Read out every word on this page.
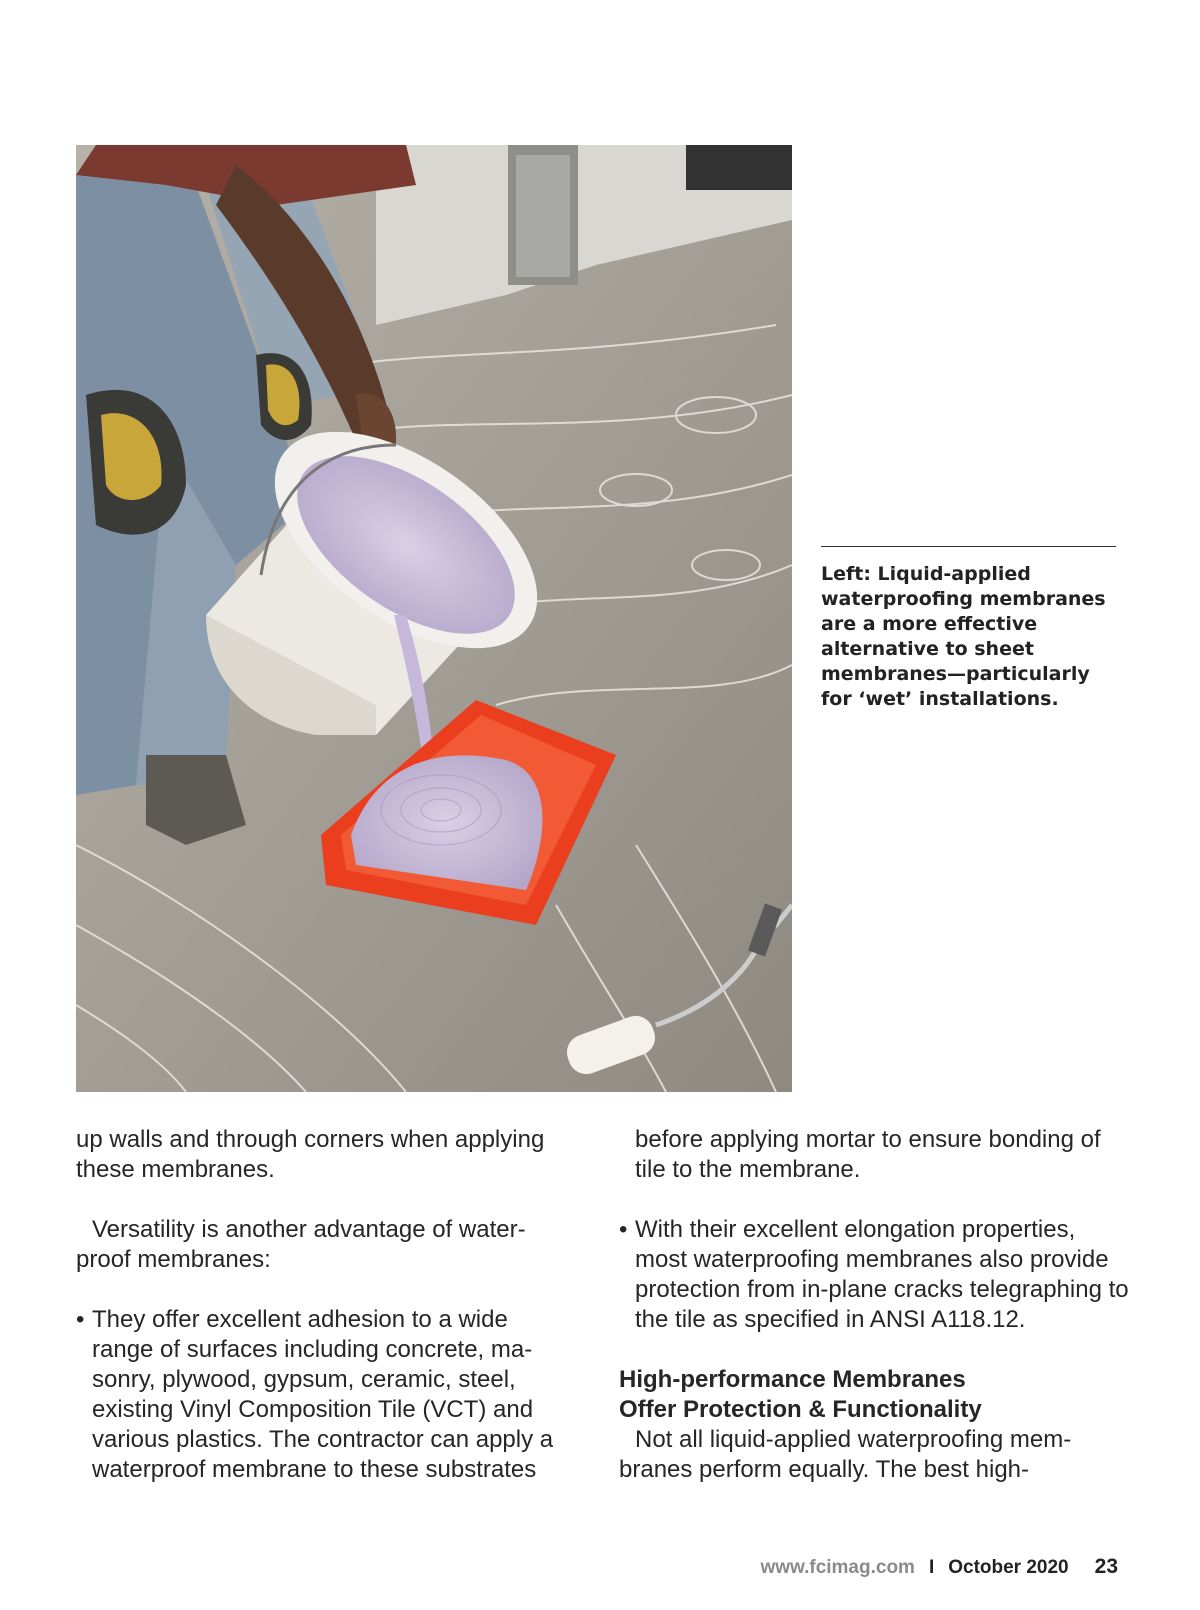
Left: Liquid-applied waterproofing membranes are a more effective alternative to sheet membranes—particularly for ‘wet’ installations.

up walls and through corners when applying these membranes.

Versatility is another advantage of water-

proof membranes:

• They offer excellent adhesion to a wide
range of surfaces including concrete, ma-sonry, plywood, gypsum, ceramic, steel, existing Vinyl Composition Tile (VCT) and various plastics. The contractor can apply a waterproof membrane to these substrates

before applying mortar to ensure bonding of tile to the membrane.

• With their excellent elongation properties,
most waterproofing membranes also provide protection from in-plane cracks telegraphing to the tile as specified in ANSI A118.12.

High-performance Membranes

Offer Protection & Functionality

Not all liquid-applied waterproofing mem-

branes perform equally. The best high-

www.fcimag.com I October 2020 23
